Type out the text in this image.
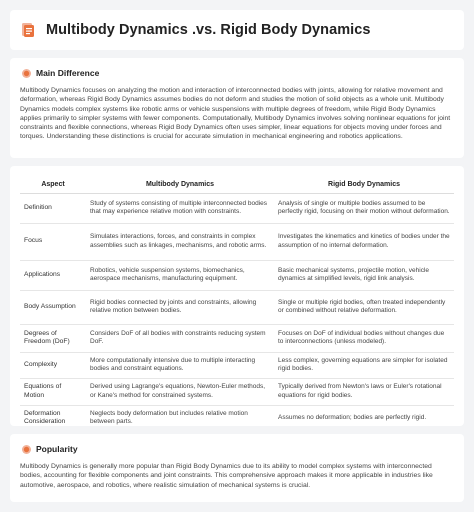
Multibody Dynamics .vs. Rigid Body Dynamics
Main Difference

Multibody Dynamics focuses on analyzing the motion and interaction of interconnected bodies with joints, allowing for relative movement and deformation, whereas Rigid Body Dynamics assumes bodies do not deform and studies the motion of solid objects as a whole unit. Multibody Dynamics models complex systems like robotic arms or vehicle suspensions with multiple degrees of freedom, while Rigid Body Dynamics applies primarily to simpler systems with fewer components. Computationally, Multibody Dynamics involves solving nonlinear equations for joint constraints and flexible connections, whereas Rigid Body Dynamics often uses simpler, linear equations for objects moving under forces and torques. Understanding these distinctions is crucial for accurate simulation in mechanical engineering and robotics applications.

Aspect	Multibody Dynamics	Rigid Body Dynamics
Definition	Study of systems consisting of multiple interconnected bodies that may experience relative motion with constraints.	Analysis of single or multiple bodies assumed to be perfectly rigid, focusing on their motion without deformation.
Focus	Simulates interactions, forces, and constraints in complex assemblies such as linkages, mechanisms, and robotic arms.	Investigates the kinematics and kinetics of bodies under the assumption of no internal deformation.
Applications	Robotics, vehicle suspension systems, biomechanics, aerospace mechanisms, manufacturing equipment.	Basic mechanical systems, projectile motion, vehicle dynamics at simplified levels, rigid link analysis.
Body Assumption	Rigid bodies connected by joints and constraints, allowing relative motion between bodies.	Single or multiple rigid bodies, often treated independently or combined without relative deformation.
Degrees of Freedom (DoF)	Considers DoF of all bodies with constraints reducing system DoF.	Focuses on DoF of individual bodies without changes due to interconnections (unless modeled).
Complexity	More computationally intensive due to multiple interacting bodies and constraint equations.	Less complex, governing equations are simpler for isolated rigid bodies.
Equations of Motion	Derived using Lagrange's equations, Newton-Euler methods, or Kane's method for constrained systems.	Typically derived from Newton's laws or Euler's rotational equations for rigid bodies.
Deformation Consideration	Neglects body deformation but includes relative motion between parts.	Assumes no deformation; bodies are perfectly rigid.
Popularity

Multibody Dynamics is generally more popular than Rigid Body Dynamics due to its ability to model complex systems with interconnected bodies, accounting for flexible components and joint constraints. This comprehensive approach makes it more applicable in industries like automotive, aerospace, and robotics, where realistic simulation of mechanical systems is crucial.
